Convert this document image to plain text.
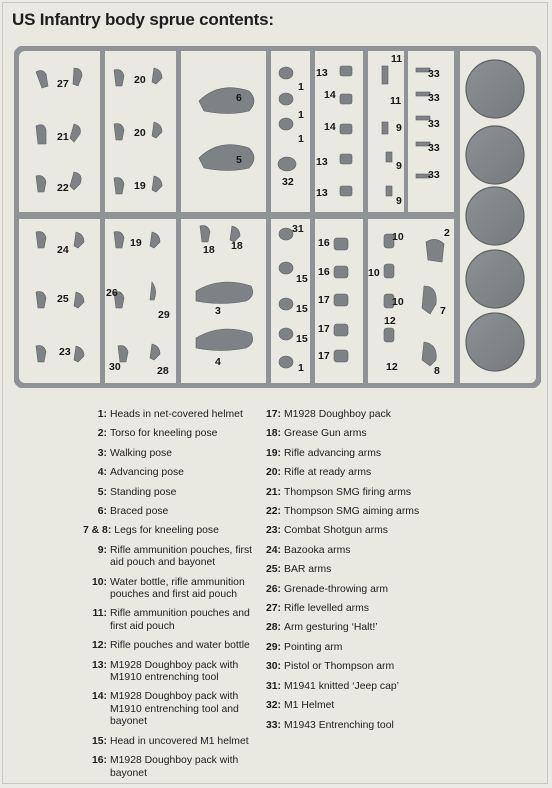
US Infantry body sprue contents:
27	20
21	20
22	19
6
5
1
1
1
32
13
14
14
13
13
11
11
9
9
9
33
33
33
33
33
24
19
18 18
31
15
15
15
1
16
16
17
17
17
10
10
10
12
12
2
7
8
25	26
29	3
4
23
30	28
1: Heads in net-covered helmet
2: Torso for kneeling pose
3: Walking pose
4: Advancing pose
5: Standing pose
6: Braced pose
7 & 8: Legs for kneeling pose
9: Rifle ammunition pouches, first aid pouch and bayonet
10: Water bottle, rifle ammunition pouches and first aid pouch
11: Rifle ammunition pouches and first aid pouch
12: Rifle pouches and water bottle
13: M1928 Doughboy pack with M1910 entrenching tool
14: M1928 Doughboy pack with M1910 entrenching tool and bayonet
15: Head in uncovered M1 helmet
16: M1928 Doughboy pack with bayonet
17: M1928 Doughboy pack
18: Grease Gun arms
19: Rifle advancing arms
20: Rifle at ready arms
21: Thompson SMG firing arms
22: Thompson SMG aiming arms
23: Combat Shotgun arms
24: Bazooka arms
25: BAR arms
26: Grenade-throwing arm
27: Rifle levelled arms
28: Arm gesturing ‘Halt!’
29: Pointing arm
30: Pistol or Thompson arm
31: M1941 knitted ‘Jeep cap’
32: M1 Helmet
33: M1943 Entrenching tool
